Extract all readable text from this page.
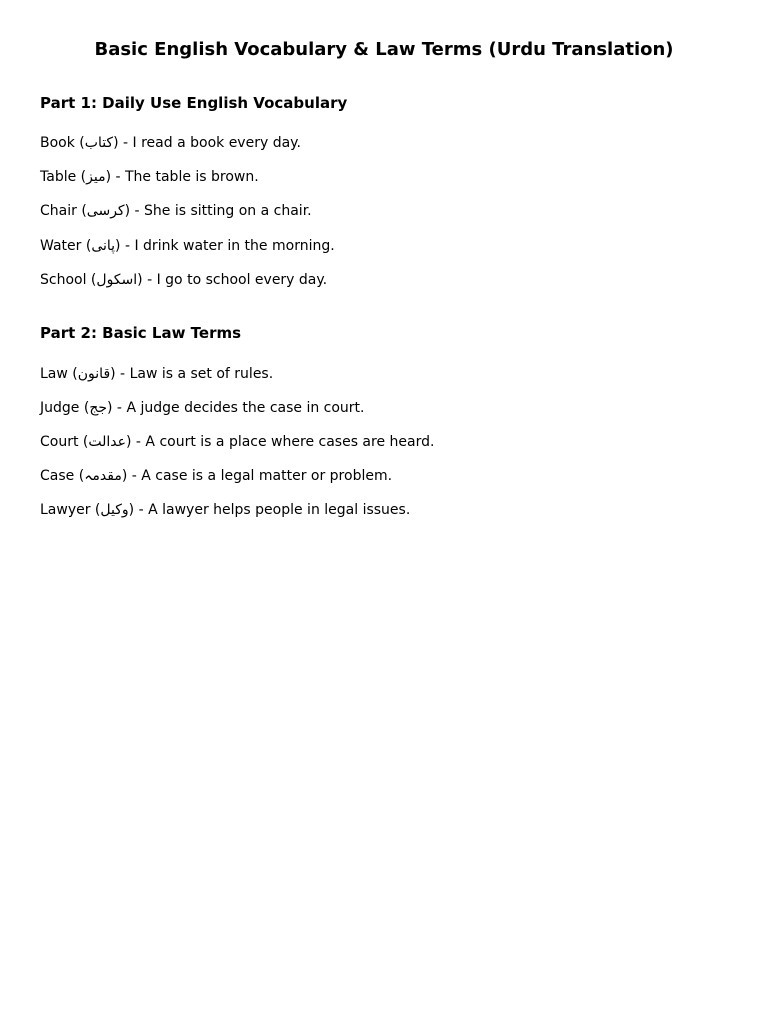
Basic English Vocabulary & Law Terms (Urdu Translation)
Part 1: Daily Use English Vocabulary

Book (کتاب) - I read a book every day.

Table (میز) - The table is brown.

Chair (کرسی) - She is sitting on a chair.

Water (پانی) - I drink water in the morning.

School (اسکول) - I go to school every day.

Part 2: Basic Law Terms

Law (قانون) - Law is a set of rules.

Judge (جج) - A judge decides the case in court.

Court (عدالت) - A court is a place where cases are heard.

Case (مقدمہ) - A case is a legal matter or problem.

Lawyer (وکیل) - A lawyer helps people in legal issues.
